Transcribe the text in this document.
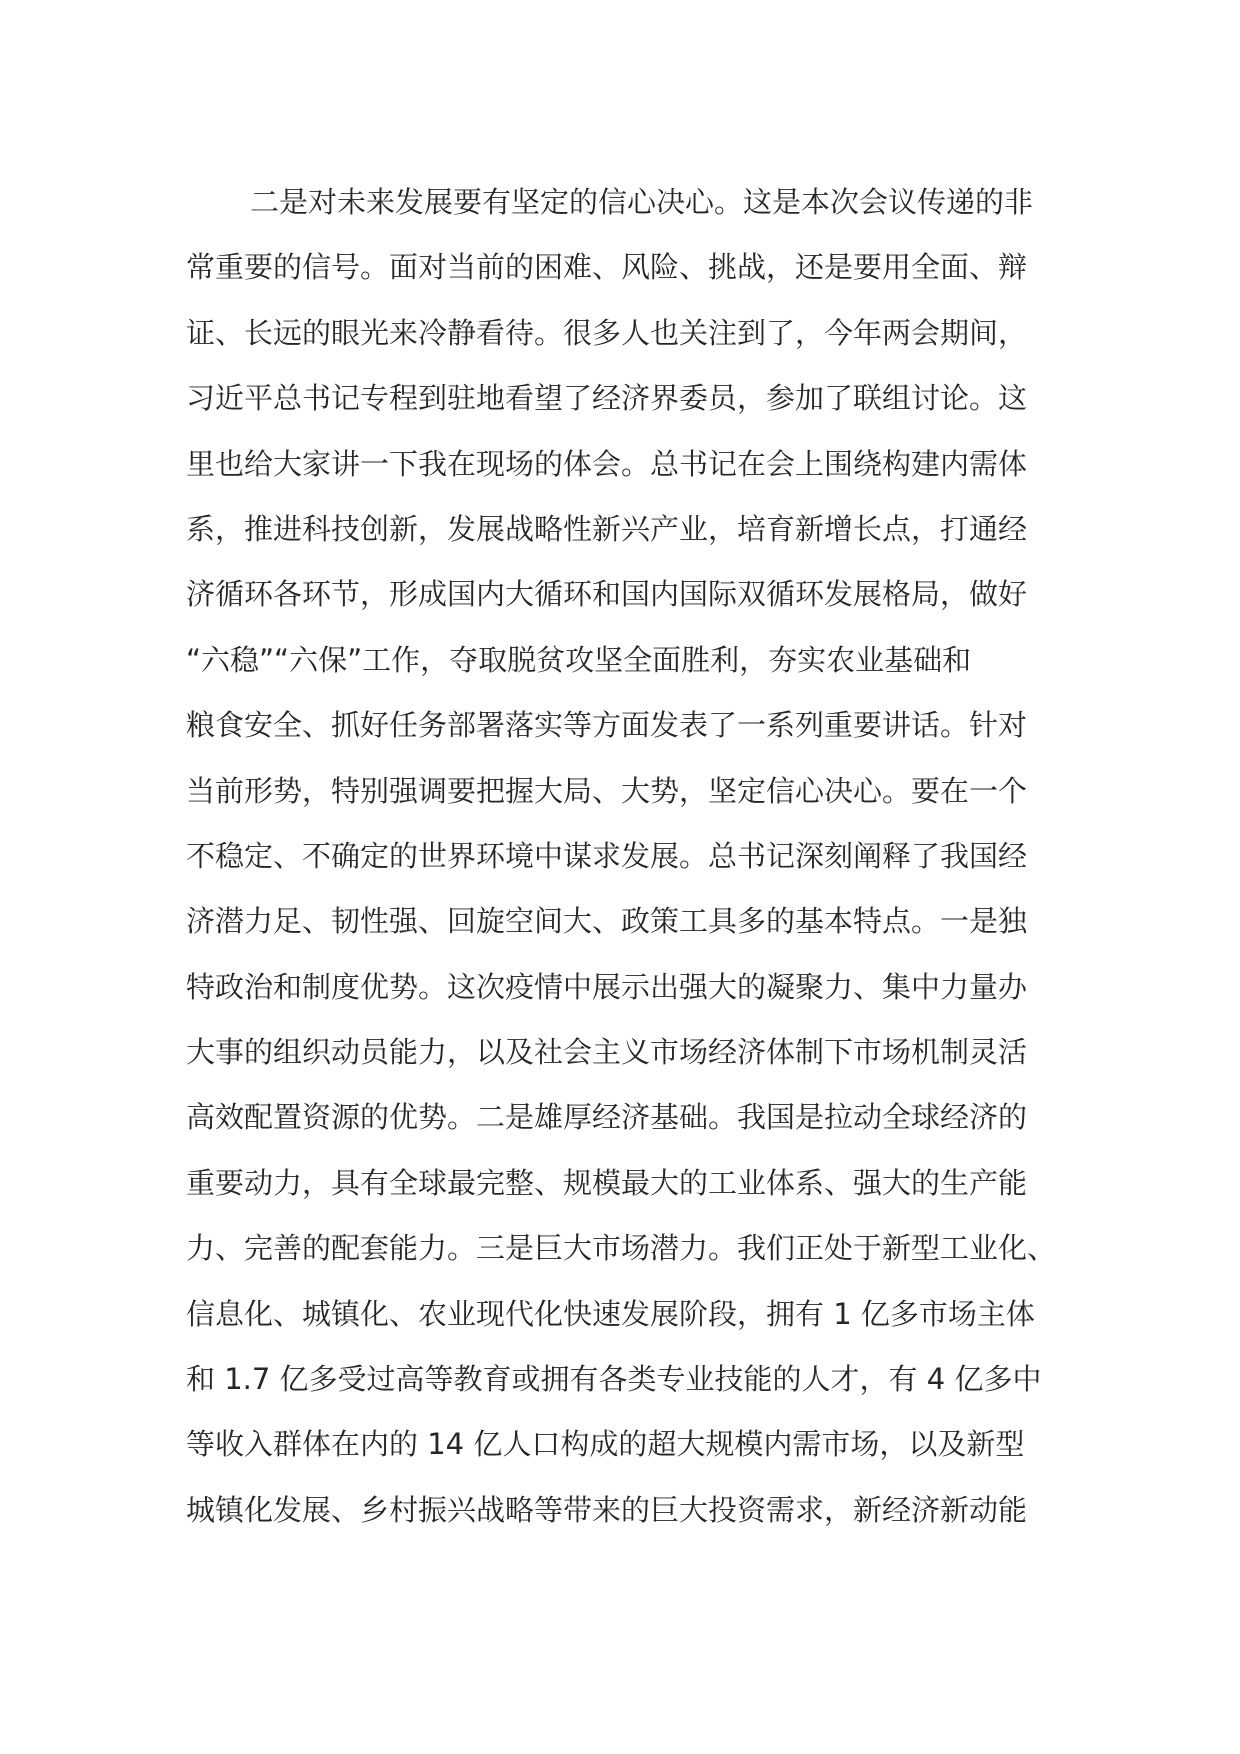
二是对未来发展要有坚定的信心决心。这是本次会议传递的非
常重要的信号。面对当前的困难、风险、挑战，还是要用全面、辩
证、长远的眼光来冷静看待。很多人也关注到了，今年两会期间，
习近平总书记专程到驻地看望了经济界委员，参加了联组讨论。这
里也给大家讲一下我在现场的体会。总书记在会上围绕构建内需体
系，推进科技创新，发展战略性新兴产业，培育新增长点，打通经
济循环各环节，形成国内大循环和国内国际双循环发展格局，做好
“六稳”“六保”工作，夺取脱贫攻坚全面胜利，夯实农业基础和
粮食安全、抓好任务部署落实等方面发表了一系列重要讲话。针对
当前形势，特别强调要把握大局、大势，坚定信心决心。要在一个
不稳定、不确定的世界环境中谋求发展。总书记深刻阐释了我国经
济潜力足、韧性强、回旋空间大、政策工具多的基本特点。一是独
特政治和制度优势。这次疫情中展示出强大的凝聚力、集中力量办
大事的组织动员能力，以及社会主义市场经济体制下市场机制灵活
高效配置资源的优势。二是雄厚经济基础。我国是拉动全球经济的
重要动力，具有全球最完整、规模最大的工业体系、强大的生产能
力、完善的配套能力。三是巨大市场潜力。我们正处于新型工业化、
信息化、城镇化、农业现代化快速发展阶段，拥有 1 亿多市场主体
和 1.7 亿多受过高等教育或拥有各类专业技能的人才，有 4 亿多中
等收入群体在内的 14 亿人口构成的超大规模内需市场，以及新型
城镇化发展、乡村振兴战略等带来的巨大投资需求，新经济新动能
